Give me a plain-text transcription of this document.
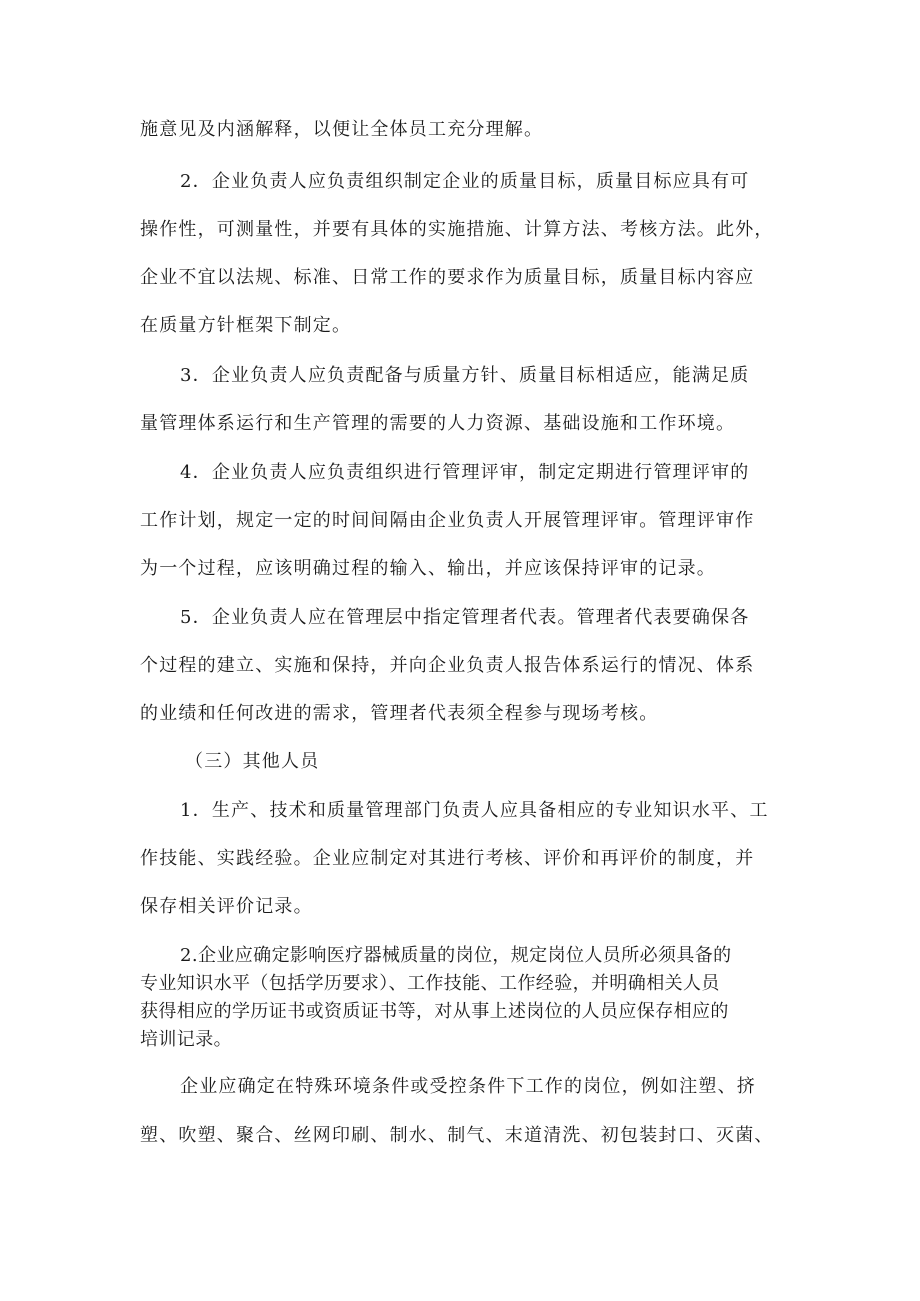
施意见及内涵解释，以便让全体员工充分理解。
2．企业负责人应负责组织制定企业的质量目标，质量目标应具有可
操作性，可测量性，并要有具体的实施措施、计算方法、考核方法。此外，
企业不宜以法规、标准、日常工作的要求作为质量目标，质量目标内容应
在质量方针框架下制定。
3．企业负责人应负责配备与质量方针、质量目标相适应，能满足质
量管理体系运行和生产管理的需要的人力资源、基础设施和工作环境。
4．企业负责人应负责组织进行管理评审，制定定期进行管理评审的
工作计划，规定一定的时间间隔由企业负责人开展管理评审。管理评审作
为一个过程，应该明确过程的输入、输出，并应该保持评审的记录。
5．企业负责人应在管理层中指定管理者代表。管理者代表要确保各
个过程的建立、实施和保持，并向企业负责人报告体系运行的情况、体系
的业绩和任何改进的需求，管理者代表须全程参与现场考核。
（三）其他人员
1．生产、技术和质量管理部门负责人应具备相应的专业知识水平、工
作技能、实践经验。企业应制定对其进行考核、评价和再评价的制度，并
保存相关评价记录。
2.企业应确定影响医疗器械质量的岗位，规定岗位人员所必须具备的
专业知识水平（包括学历要求）、工作技能、工作经验，并明确相关人员
获得相应的学历证书或资质证书等，对从事上述岗位的人员应保存相应的
培训记录。
企业应确定在特殊环境条件或受控条件下工作的岗位，例如注塑、挤
塑、吹塑、聚合、丝网印刷、制水、制气、末道清洗、初包装封口、灭菌、
